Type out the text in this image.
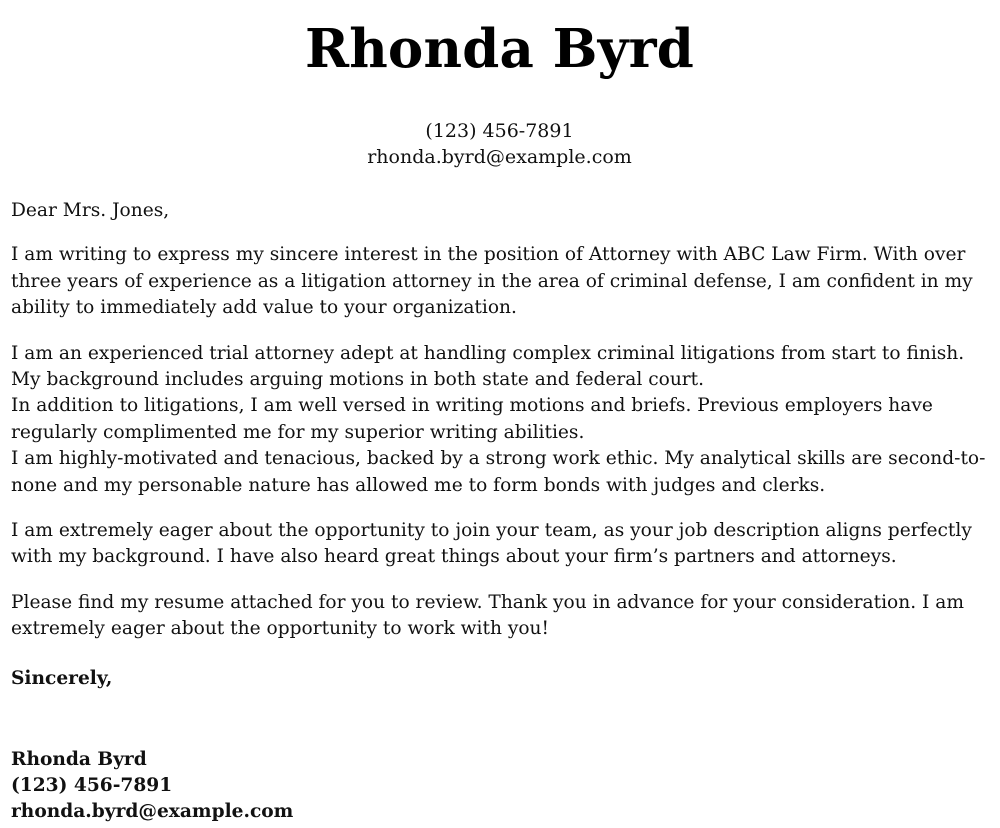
Rhonda Byrd
(123) 456-7891
rhonda.byrd@example.com

Dear Mrs. Jones,

I am writing to express my sincere interest in the position of Attorney with ABC Law Firm. With over three years of experience as a litigation attorney in the area of criminal defense, I am confident in my ability to immediately add value to your organization.

I am an experienced trial attorney adept at handling complex criminal litigations from start to finish. My background includes arguing motions in both state and federal court.
In addition to litigations, I am well versed in writing motions and briefs. Previous employers have regularly complimented me for my superior writing abilities.
I am highly-motivated and tenacious, backed by a strong work ethic. My analytical skills are second-to-none and my personable nature has allowed me to form bonds with judges and clerks.

I am extremely eager about the opportunity to join your team, as your job description aligns perfectly with my background. I have also heard great things about your firm’s partners and attorneys.

Please find my resume attached for you to review. Thank you in advance for your consideration. I am extremely eager about the opportunity to work with you!

Sincerely,
Rhonda Byrd
(123) 456-7891
rhonda.byrd@example.com
